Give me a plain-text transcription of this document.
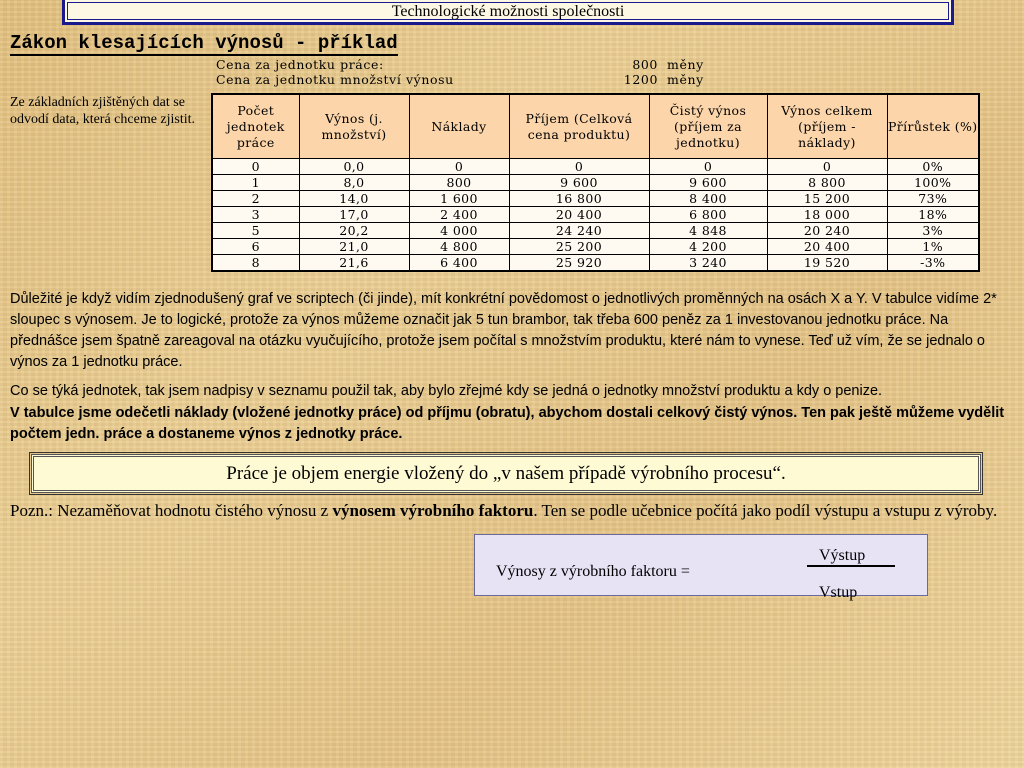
Technologické možnosti společnosti
Zákon klesajících výnosů - příklad
Cena za jednotku práce:	800 měny
Cena za jednotku množství výnosu	1200 měny
Ze základních zjištěných dat se odvodí data, která chceme zjistit.
Počet jednotek práce	Výnos (j. množství)	Náklady	Příjem (Celková cena produktu)	Čistý výnos (příjem za jednotku)	Výnos celkem (příjem - náklady)	Přírůstek (%)
0	0,0	0	0	0	0	0%
1	8,0	800	9 600	9 600	8 800	100%
2	14,0	1 600	16 800	8 400	15 200	73%
3	17,0	2 400	20 400	6 800	18 000	18%
5	20,2	4 000	24 240	4 848	20 240	3%
6	21,0	4 800	25 200	4 200	20 400	1%
8	21,6	6 400	25 920	3 240	19 520	-3%
Důležité je když vidím zjednodušený graf ve scriptech (či jinde), mít konkrétní povědomost o jednotlivých proměnných na osách X a Y. V tabulce vidíme 2* sloupec s výnosem. Je to logické, protože za výnos můžeme označit jak 5 tun brambor, tak třeba 600 peněz za 1 investovanou jednotku práce. Na přednášce jsem špatně zareagoval na otázku vyučujícího, protože jsem počítal s množstvím produktu, které nám to vynese. Teď už vím, že se jednalo o výnos za 1 jednotku práce.
Co se týká jednotek, tak jsem nadpisy v seznamu použil tak, aby bylo zřejmé kdy se jedná o jednotky množství produktu a kdy o penize.
V tabulce jsme odečetli náklady (vložené jednotky práce) od příjmu (obratu), abychom dostali celkový čistý výnos. Ten pak ještě můžeme vydělit počtem jedn. práce a dostaneme výnos z jednotky práce.
Práce je objem energie vložený do „v našem případě výrobního procesu“.
Pozn.: Nezaměňovat hodnotu čistého výnosu z výnosem výrobního faktoru. Ten se podle učebnice počítá jako podíl výstupu a vstupu z výroby.
Výnosy z výrobního faktoru =
Výstup
Vstup
